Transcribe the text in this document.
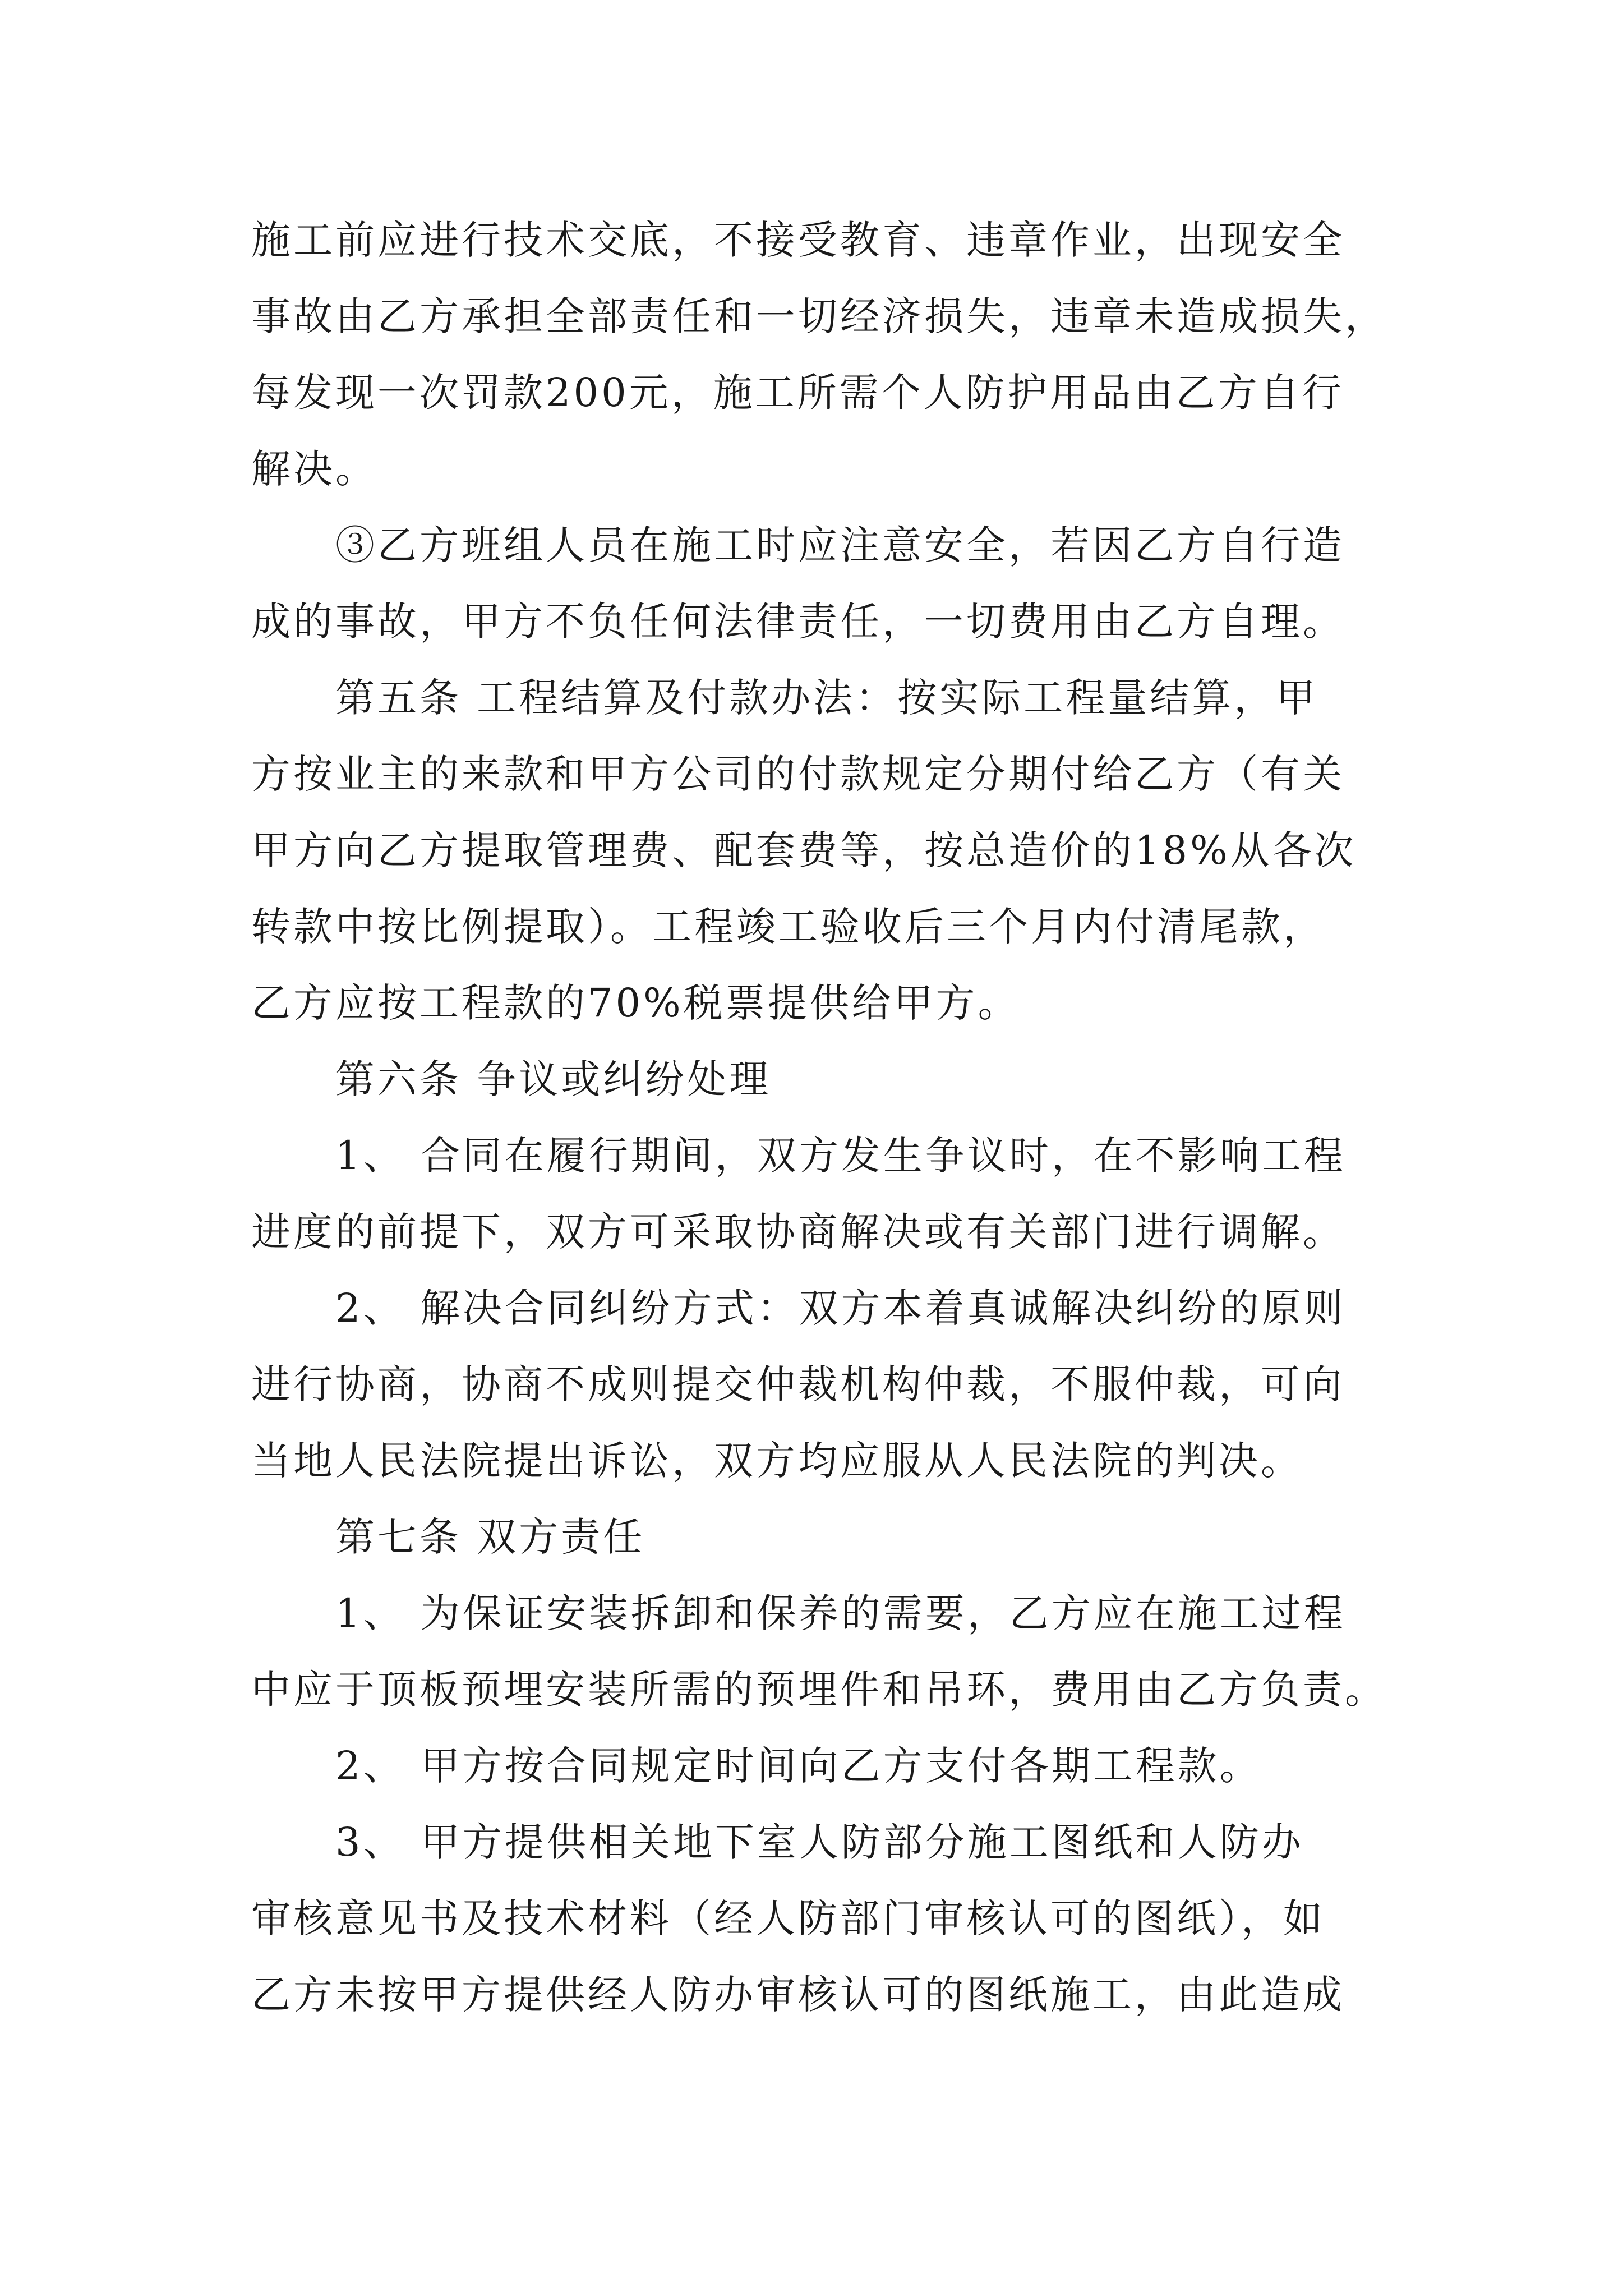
施工前应进行技术交底，不接受教育、违章作业，出现安全
事故由乙方承担全部责任和一切经济损失，违章未造成损失，
每发现一次罚款200元，施工所需个人防护用品由乙方自行
解决。
③乙方班组人员在施工时应注意安全，若因乙方自行造
成的事故，甲方不负任何法律责任，一切费用由乙方自理。
第五条 工程结算及付款办法：按实际工程量结算，甲
方按业主的来款和甲方公司的付款规定分期付给乙方（有关
甲方向乙方提取管理费、配套费等，按总造价的18%从各次
转款中按比例提取）。工程竣工验收后三个月内付清尾款，
乙方应按工程款的70%税票提供给甲方。
第六条 争议或纠纷处理
1、 合同在履行期间，双方发生争议时，在不影响工程
进度的前提下，双方可采取协商解决或有关部门进行调解。
2、 解决合同纠纷方式：双方本着真诚解决纠纷的原则
进行协商，协商不成则提交仲裁机构仲裁，不服仲裁，可向
当地人民法院提出诉讼，双方均应服从人民法院的判决。
第七条 双方责任
1、 为保证安装拆卸和保养的需要，乙方应在施工过程
中应于顶板预埋安装所需的预埋件和吊环，费用由乙方负责。
2、 甲方按合同规定时间向乙方支付各期工程款。
3、 甲方提供相关地下室人防部分施工图纸和人防办
审核意见书及技术材料（经人防部门审核认可的图纸），如
乙方未按甲方提供经人防办审核认可的图纸施工，由此造成
